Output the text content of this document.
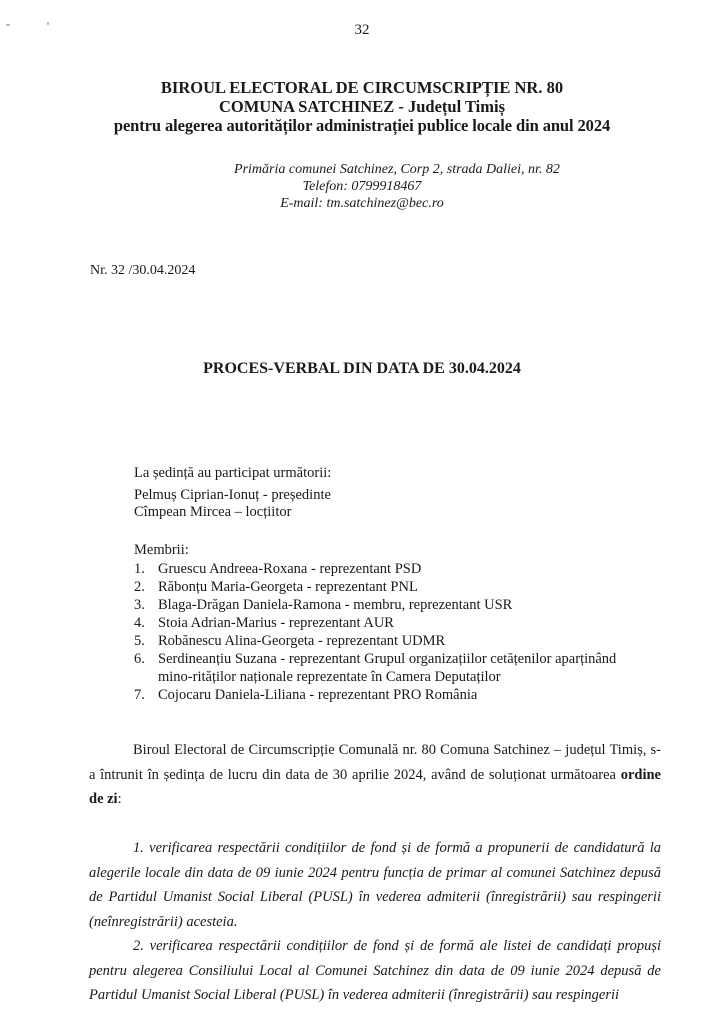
32
BIROUL ELECTORAL DE CIRCUMSCRIPȚIE NR. 80
COMUNA SATCHINEZ - Județul Timiș
pentru alegerea autorităților administrației publice locale din anul 2024
Primăria comunei Satchinez, Corp 2, strada Daliei, nr. 82
Telefon: 0799918467
E-mail: tm.satchinez@bec.ro
Nr. 32 /30.04.2024
PROCES-VERBAL DIN DATA DE 30.04.2024
La ședință au participat următorii:
Pelmuș Ciprian-Ionuț - președinte
Cîmpean Mircea – locțiitor
Membrii:
1. Gruescu Andreea-Roxana - reprezentant PSD
2. Răbonțu Maria-Georgeta - reprezentant PNL
3. Blaga-Drăgan Daniela-Ramona - membru, reprezentant USR
4. Stoia Adrian-Marius - reprezentant AUR
5. Robănescu Alina-Georgeta - reprezentant UDMR
6. Serdineanțiu Suzana - reprezentant Grupul organizațiilor cetățenilor aparținând mino-rităților naționale reprezentate în Camera Deputaților
7. Cojocaru Daniela-Liliana - reprezentant PRO România
Biroul Electoral de Circumscripție Comunală nr. 80 Comuna Satchinez – județul Timiș, s-a întrunit în ședința de lucru din data de 30 aprilie 2024, având de soluționat următoarea ordine de zi:
1. verificarea respectării condițiilor de fond și de formă a propunerii de candidatură la alegerile locale din data de 09 iunie 2024 pentru funcția de primar al comunei Satchinez depusă de Partidul Umanist Social Liberal (PUSL) în vederea admiterii (înregistrării) sau respingerii (neînregistrării) acesteia.
2. verificarea respectării condițiilor de fond și de formă ale listei de candidați propuși pentru alegerea Consiliului Local al Comunei Satchinez din data de 09 iunie 2024 depusă de Partidul Umanist Social Liberal (PUSL) în vederea admiterii (înregistrării) sau respingerii
